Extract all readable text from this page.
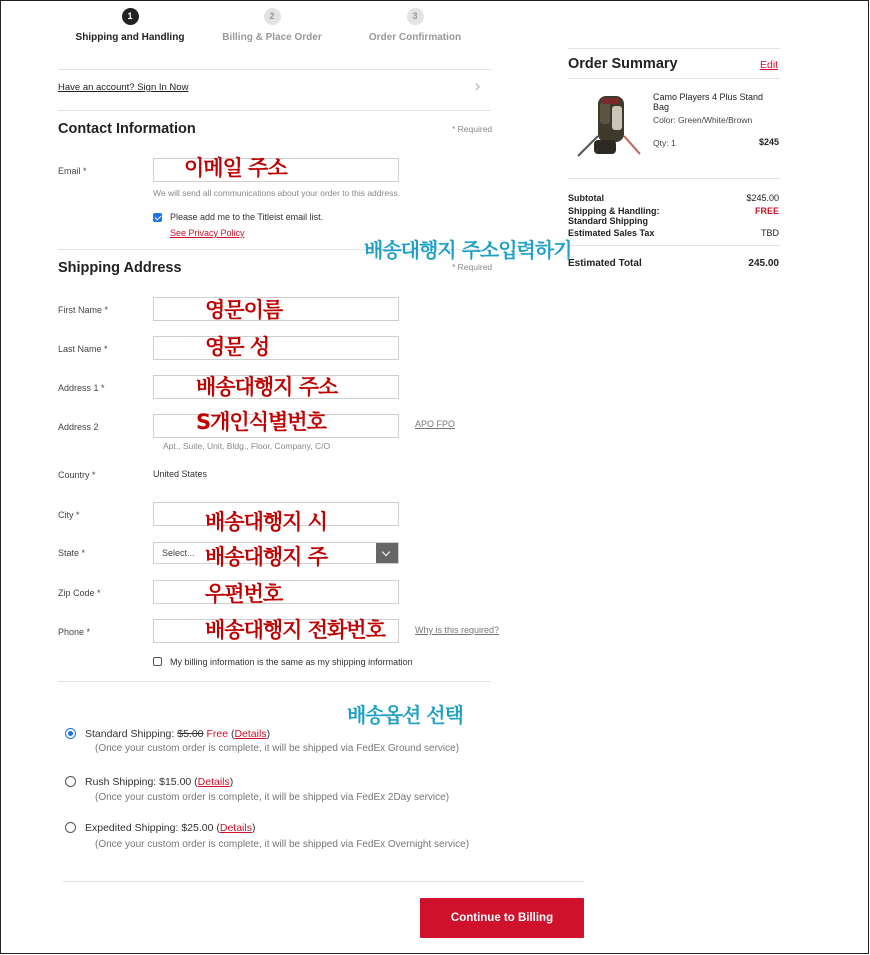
1
Shipping and Handling
2
Billing & Place Order
3
Order Confirmation
Have an account? Sign In Now	›
Contact Information	* Required
Email *
We will send all communications about your order to this address.
Please add me to the Titleist email list.
See Privacy Policy
Shipping Address	* Required
First Name *
Last Name *
Address 1 *
Address 2	APO FPO
Apt., Suite, Unit, Bldg., Floor, Company, C/O
Country *	United States
City *
State *	Select...
Zip Code *
Phone *	Why is this required?
My billing information is the same as my shipping information
Standard Shipping: $5.00 Free (Details)
(Once your custom order is complete, it will be shipped via FedEx Ground service)
Rush Shipping: $15.00 (Details)
(Once your custom order is complete, it will be shipped via FedEx 2Day service)
Expedited Shipping: $25.00 (Details)
(Once your custom order is complete, it will be shipped via FedEx Overnight service)
Continue to Billing
Order Summary	Edit
Camo Players 4 Plus Stand Bag
Color: Green/White/Brown
Qty: 1	$245
Subtotal	$245.00
Shipping & Handling: Standard Shipping
FREE
Estimated Sales Tax	TBD
Estimated Total	245.00
이메일 주소
배송대행지 주소입력하기
영문이름
영문 성
배송대행지 주소
S개인식별번호
배송대행지 시
배송대행지 주
우편번호
배송대행지 전화번호
배송옵션 선택
